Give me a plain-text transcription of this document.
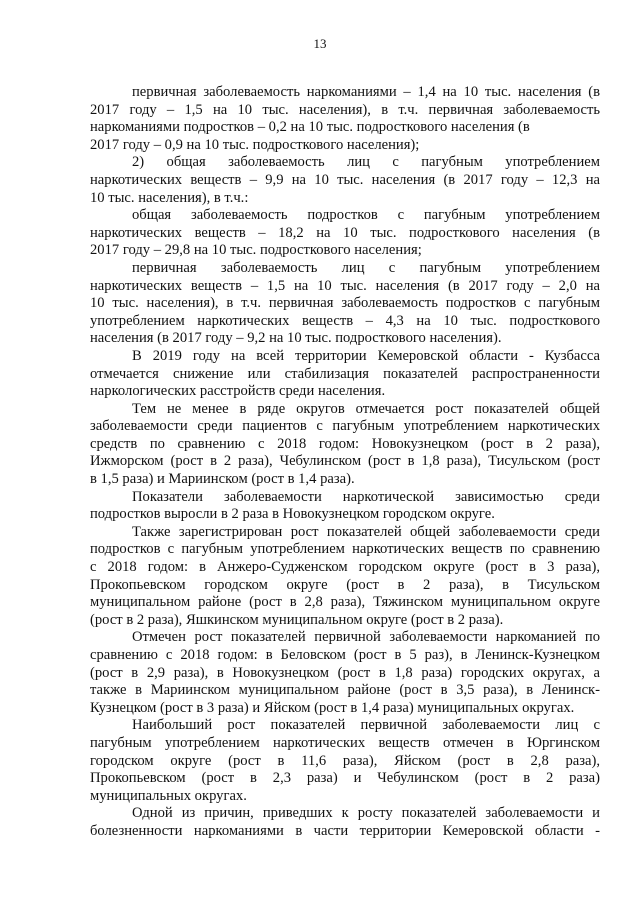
13
первичная заболеваемость наркоманиями – 1,4 на 10 тыс. населения (в
2017 году – 1,5 на 10 тыс. населения), в т.ч. первичная заболеваемость
наркоманиями подростков – 0,2 на 10 тыс. подросткового населения (в
2017 году – 0,9 на 10 тыс. подросткового населения);
2) общая заболеваемость лиц с пагубным употреблением
наркотических веществ – 9,9 на 10 тыс. населения (в 2017 году – 12,3 на
10 тыс. населения), в т.ч.:
общая заболеваемость подростков с пагубным употреблением
наркотических веществ – 18,2 на 10 тыс. подросткового населения (в
2017 году – 29,8 на 10 тыс. подросткового населения;
первичная заболеваемость лиц с пагубным употреблением
наркотических веществ – 1,5 на 10 тыс. населения (в 2017 году – 2,0 на
10 тыс. населения), в т.ч. первичная заболеваемость подростков с пагубным
употреблением наркотических веществ – 4,3 на 10 тыс. подросткового
населения (в 2017 году – 9,2 на 10 тыс. подросткового населения).
В 2019 году на всей территории Кемеровской области - Кузбасса
отмечается снижение или стабилизация показателей распространенности
наркологических расстройств среди населения.
Тем не менее в ряде округов отмечается рост показателей общей
заболеваемости среди пациентов с пагубным употреблением наркотических
средств по сравнению с 2018 годом: Новокузнецком (рост в 2 раза),
Ижморском (рост в 2 раза), Чебулинском (рост в 1,8 раза), Тисульском (рост
в 1,5 раза) и Мариинском (рост в 1,4 раза).
Показатели заболеваемости наркотической зависимостью среди
подростков выросли в 2 раза в Новокузнецком городском округе.
Также зарегистрирован рост показателей общей заболеваемости среди
подростков с пагубным употреблением наркотических веществ по сравнению
с 2018 годом: в Анжеро-Судженском городском округе (рост в 3 раза),
Прокопьевском городском округе (рост в 2 раза), в Тисульском
муниципальном районе (рост в 2,8 раза), Тяжинском муниципальном округе
(рост в 2 раза), Яшкинском муниципальном округе (рост в 2 раза).
Отмечен рост показателей первичной заболеваемости наркоманией по
сравнению с 2018 годом: в Беловском (рост в 5 раз), в Ленинск-Кузнецком
(рост в 2,9 раза), в Новокузнецком (рост в 1,8 раза) городских округах, а
также в Мариинском муниципальном районе (рост в 3,5 раза), в Ленинск-
Кузнецком (рост в 3 раза) и Яйском (рост в 1,4 раза) муниципальных округах.
Наибольший рост показателей первичной заболеваемости лиц с
пагубным употреблением наркотических веществ отмечен в Юргинском
городском округе (рост в 11,6 раза), Яйском (рост в 2,8 раза),
Прокопьевском (рост в 2,3 раза) и Чебулинском (рост в 2 раза)
муниципальных округах.
Одной из причин, приведших к росту показателей заболеваемости и
болезненности наркоманиями в части территории Кемеровской области -
